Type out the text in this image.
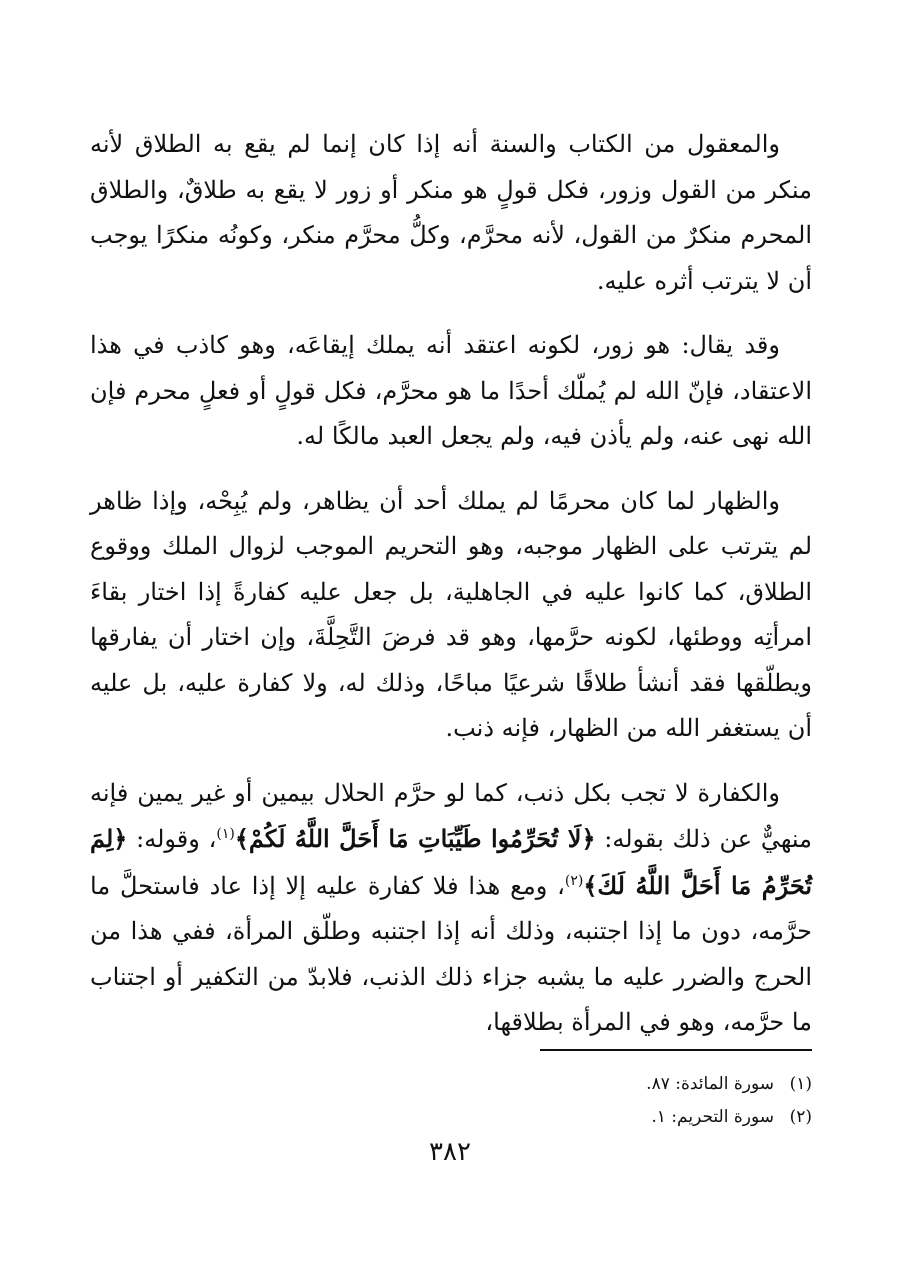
والمعقول من الكتاب والسنة أنه إذا كان إنما لم يقع به الطلاق لأنه منكر من القول وزور، فكل قولٍ هو منكر أو زور لا يقع به طلاقٌ، والطلاق المحرم منكرٌ من القول، لأنه محرَّم، وكلُّ محرَّم منكر، وكونُه منكرًا يوجب أن لا يترتب أثره عليه.

وقد يقال: هو زور، لكونه اعتقد أنه يملك إيقاعَه، وهو كاذب في هذا الاعتقاد، فإنّ الله لم يُملّك أحدًا ما هو محرَّم، فكل قولٍ أو فعلٍ محرم فإن الله نهى عنه، ولم يأذن فيه، ولم يجعل العبد مالكًا له.

والظهار لما كان محرمًا لم يملك أحد أن يظاهر، ولم يُبِحْه، وإذا ظاهر لم يترتب على الظهار موجبه، وهو التحريم الموجب لزوال الملك ووقوع الطلاق، كما كانوا عليه في الجاهلية، بل جعل عليه كفارةً إذا اختار بقاءَ امرأتِه ووطئها، لكونه حرَّمها، وهو قد فرضَ التَّحِلَّةَ، وإن اختار أن يفارقها ويطلّقها فقد أنشأ طلاقًا شرعيًا مباحًا، وذلك له، ولا كفارة عليه، بل عليه أن يستغفر الله من الظهار، فإنه ذنب.

والكفارة لا تجب بكل ذنب، كما لو حرَّم الحلال بيمين أو غير يمين فإنه منهيٌّ عن ذلك بقوله: ﴿لَا تُحَرِّمُوا طَيِّبَاتِ مَا أَحَلَّ اللَّهُ لَكُمْ﴾$^{(١)}$، وقوله: ﴿لِمَ تُحَرِّمُ مَا أَحَلَّ اللَّهُ لَكَ﴾$^{(٢)}$، ومع هذا فلا كفارة عليه إلا إذا عاد فاستحلَّ ما حرَّمه، دون ما إذا اجتنبه، وذلك أنه إذا اجتنبه وطلّق المرأة، ففي هذا من الحرج والضرر عليه ما يشبه جزاء ذلك الذنب، فلابدّ من التكفير أو اجتناب ما حرَّمه، وهو في المرأة بطلاقها،

(١)سورة المائدة: ٨٧.
(٢)سورة التحريم: ١.
٣٨٢
